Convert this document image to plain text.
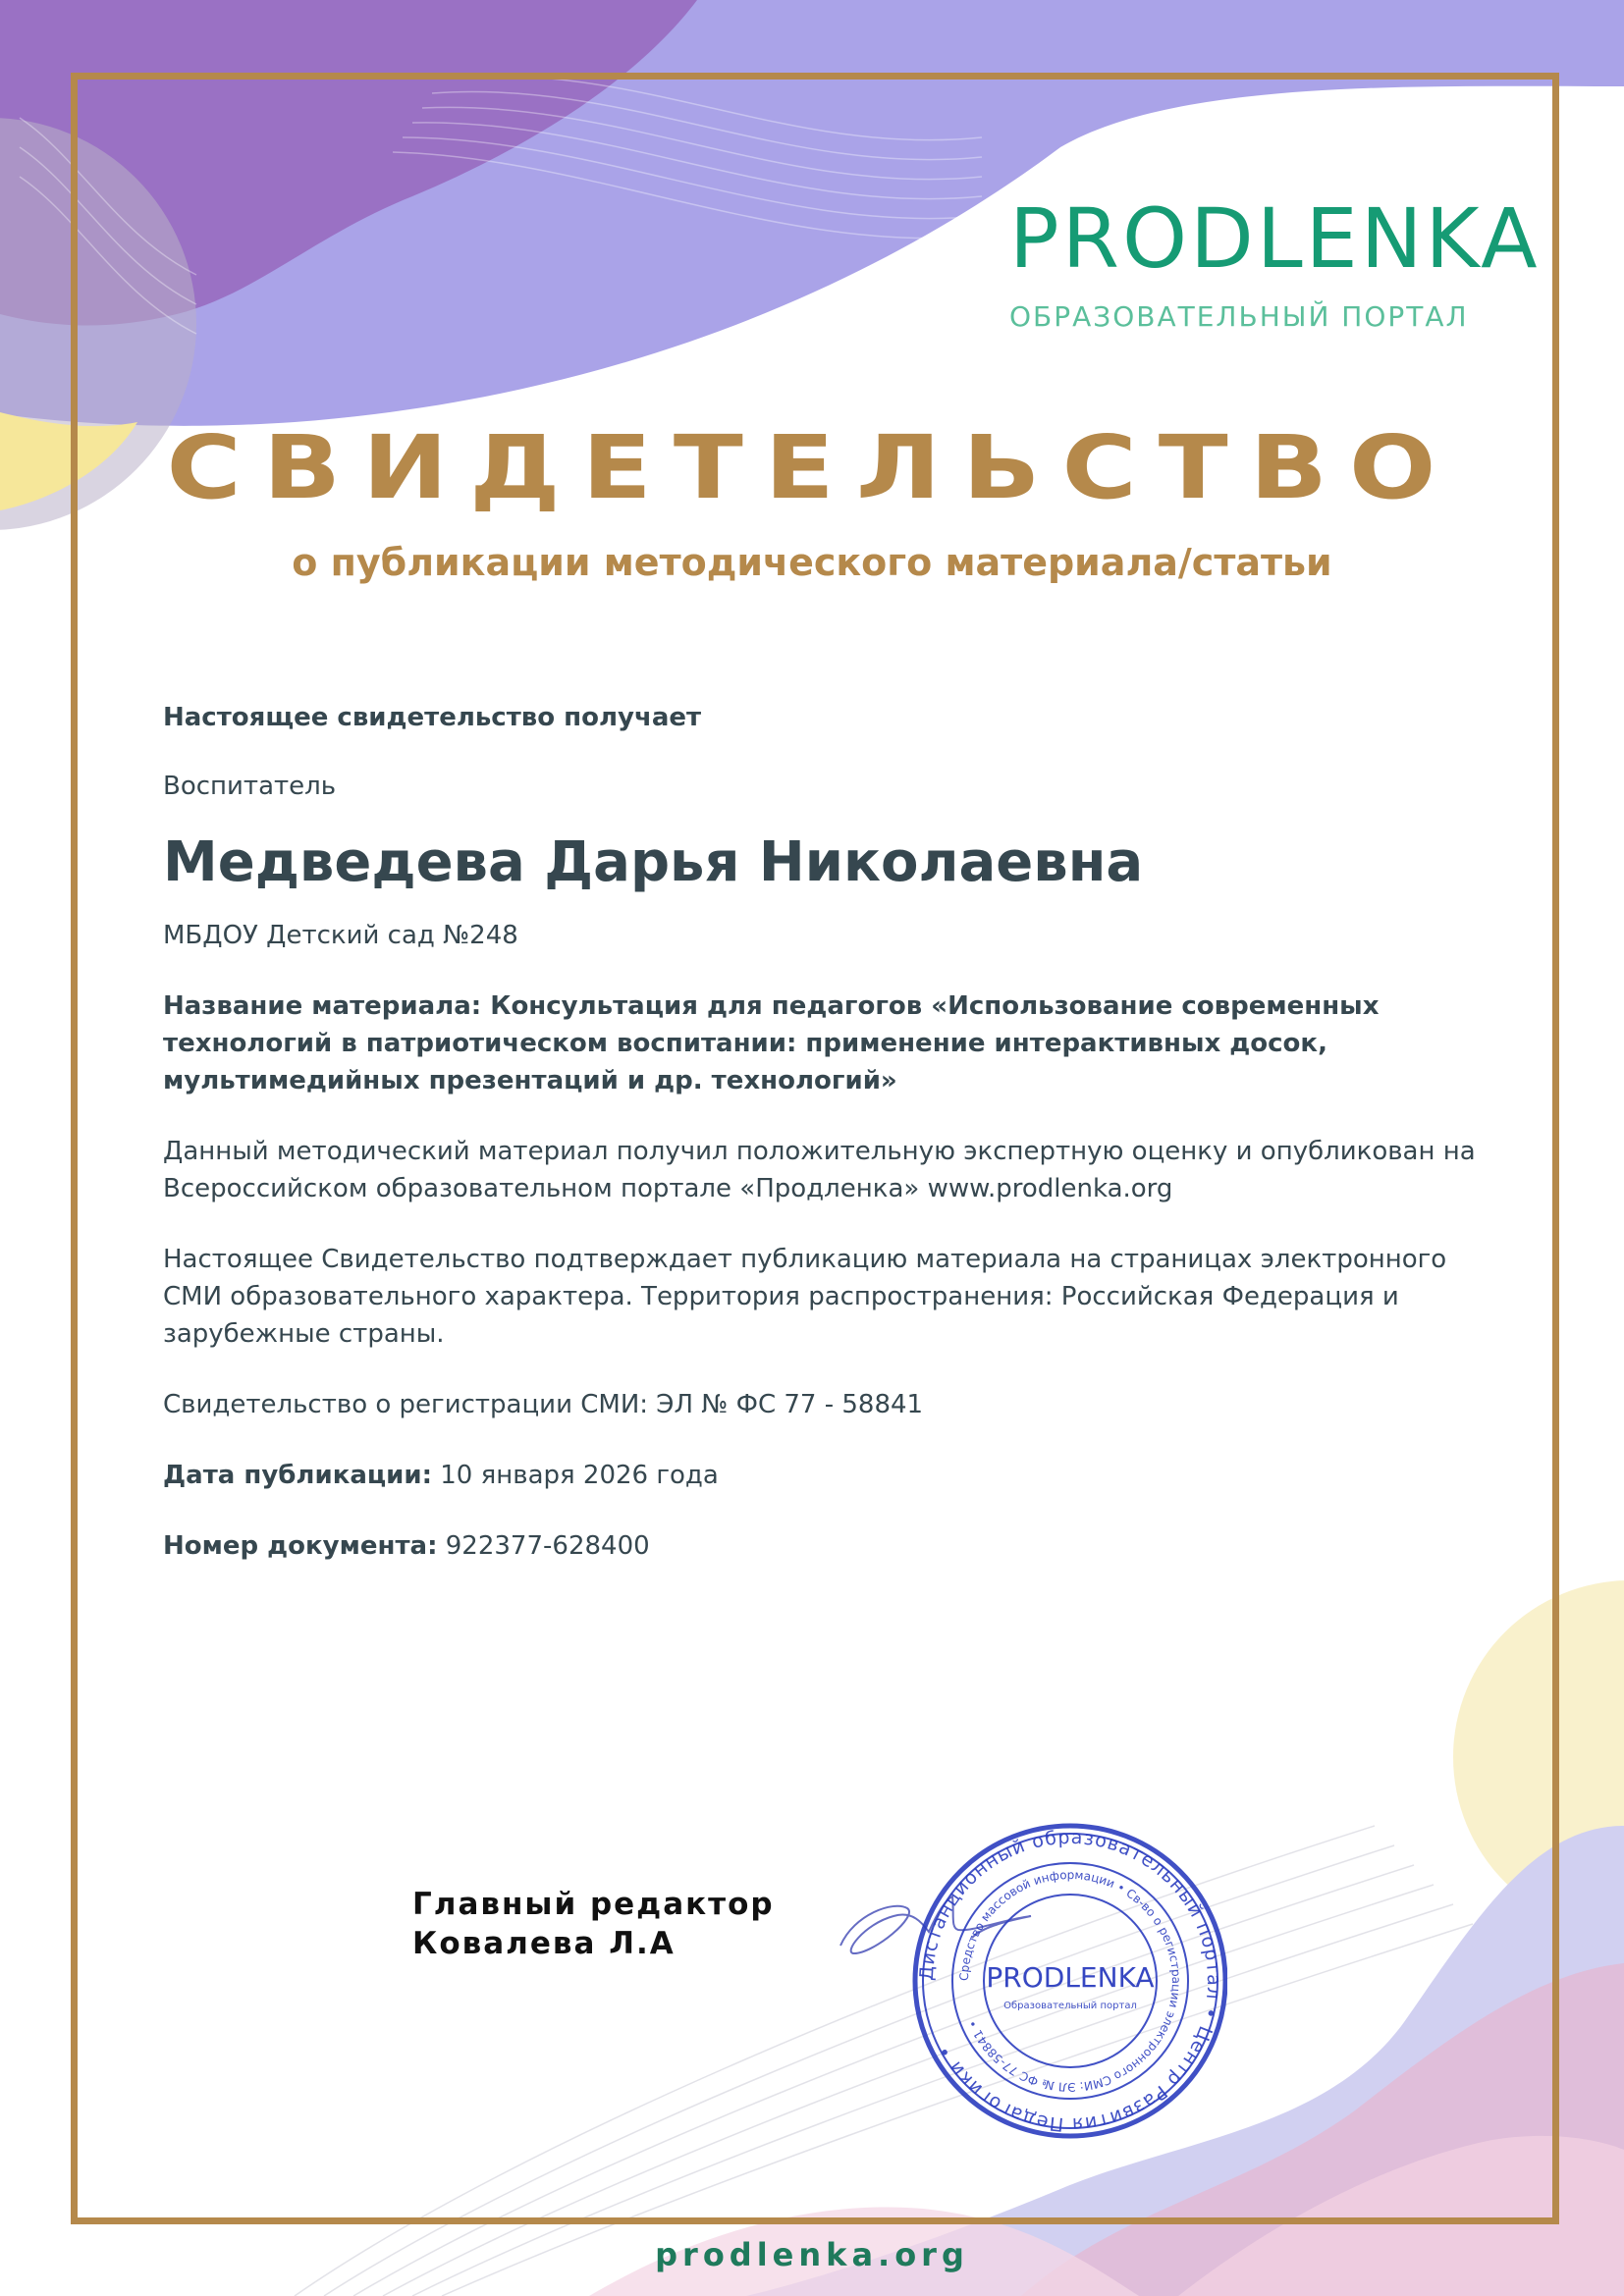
PRODLENKA
ОБРАЗОВАТЕЛЬНЫЙ ПОРТАЛ
СВИДЕТЕЛЬСТВО
о публикации методического материала/статьи

Настоящее свидетельство получает

Воспитатель

Медведева Дарья Николаевна

МБДОУ Детский сад №248

Название материала: Консультация для педагогов «Использование современных технологий в патриотическом воспитании: применение интерактивных досок, мультимедийных презентаций и др. технологий»

Данный методический материал получил положительную экспертную оценку и опубликован на Всероссийском образовательном портале «Продленка» www.prodlenka.org

Настоящее Свидетельство подтверждает публикацию материала на страницах электронного СМИ образовательного характера. Территория распространения: Российская Федерация и зарубежные страны.

Свидетельство о регистрации СМИ: ЭЛ № ФС 77 - 58841

Дата публикации: 10 января 2026 года

Номер документа: 922377-628400

Главный редактор
Ковалева Л.А
Дистанционный образовательный портал • Центр Развития Педагогики •
Средство массовой информации • Св-во о регистрации электронного СМИ: ЭЛ № ФС 77-58841 •
PRODLENKA
Образовательный портал
prodlenka.org
